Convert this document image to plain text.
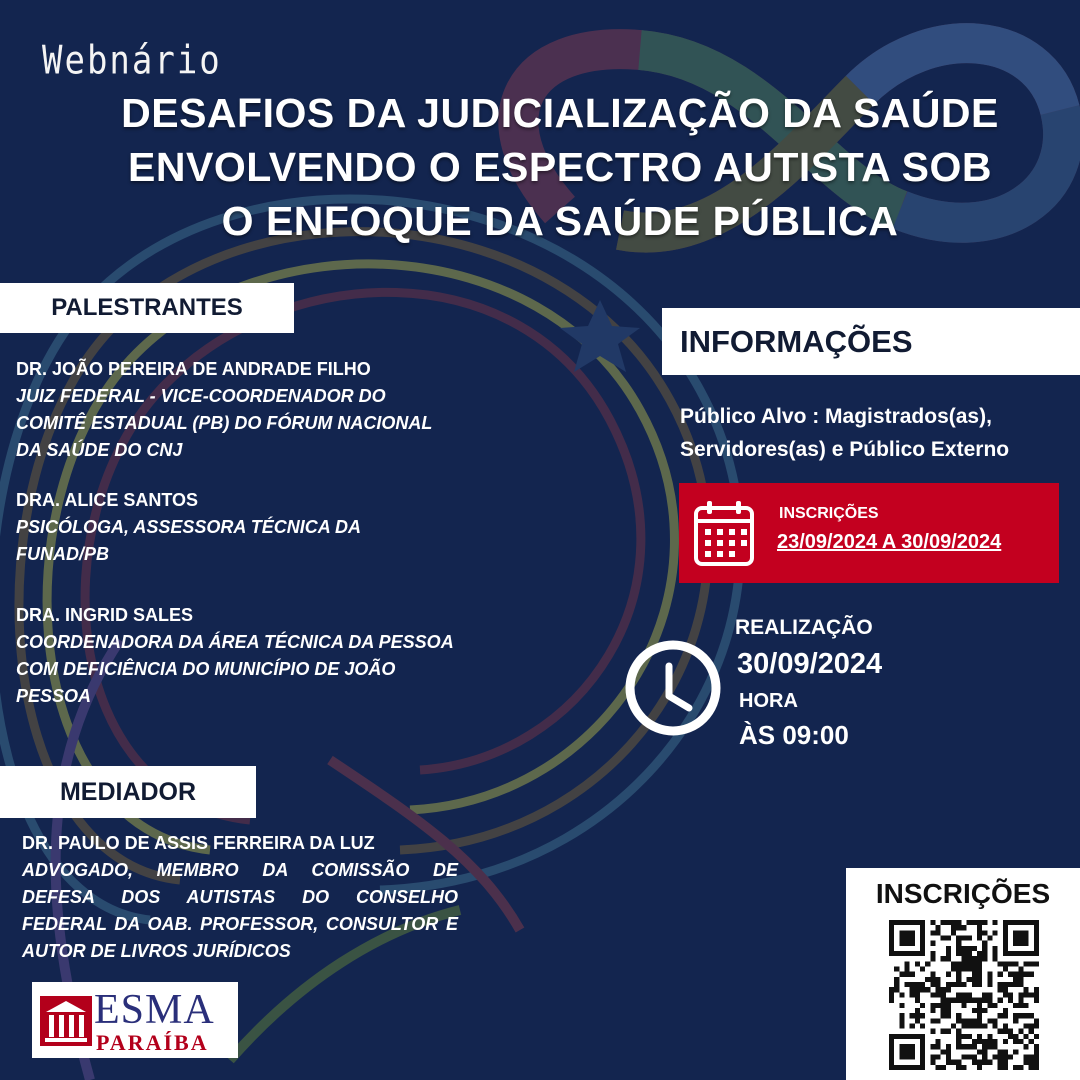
Webnário
DESAFIOS DA JUDICIALIZAÇÃO DA SAÚDE
ENVOLVENDO O ESPECTRO AUTISTA SOB
O ENFOQUE DA SAÚDE PÚBLICA
PALESTRANTES
DR. JOÃO PEREIRA DE ANDRADE FILHO
JUIZ FEDERAL - VICE-COORDENADOR DO COMITÊ ESTADUAL (PB) DO FÓRUM NACIONAL DA SAÚDE DO CNJ
DRA. ALICE SANTOS
PSICÓLOGA, ASSESSORA TÉCNICA DA FUNAD/PB
DRA. INGRID SALES
COORDENADORA DA ÁREA TÉCNICA DA PESSOA COM DEFICIÊNCIA DO MUNICÍPIO DE JOÃO PESSOA
MEDIADOR
DR. PAULO DE ASSIS FERREIRA DA LUZ
ADVOGADO, MEMBRO DA COMISSÃO DE DEFESA DOS AUTISTAS DO CONSELHO FEDERAL DA OAB. PROFESSOR, CONSULTOR E AUTOR DE LIVROS JURÍDICOS
INFORMAÇÕES
Público Alvo : Magistrados(as), Servidores(as) e Público Externo
INSCRIÇÕES
23/09/2024 A 30/09/2024
REALIZAÇÃO
30/09/2024
HORA
ÀS 09:00
INSCRIÇÕES
ESMA
PARAÍBA
